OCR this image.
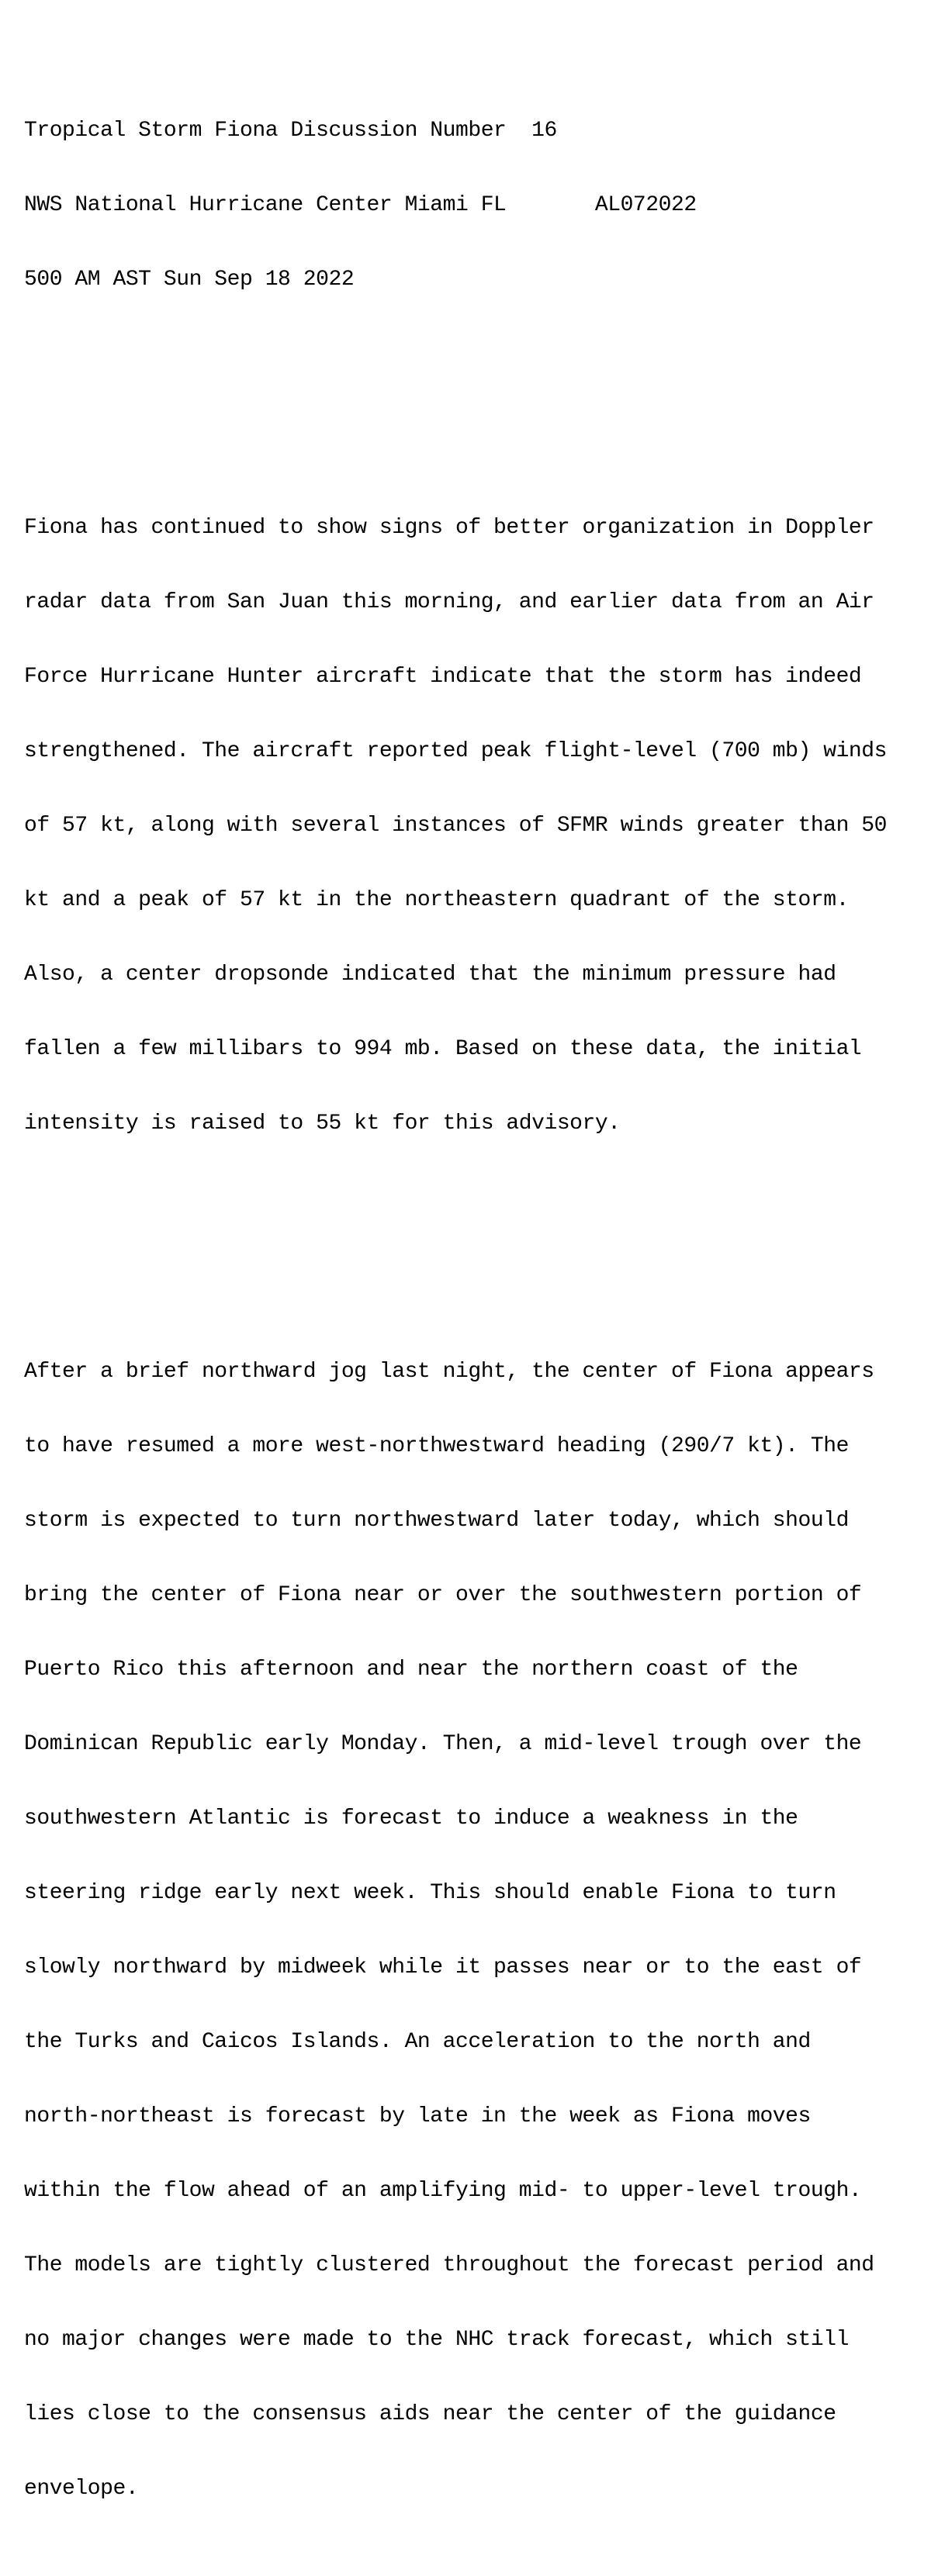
Tropical Storm Fiona Discussion Number  16

NWS National Hurricane Center Miami FL       AL072022

500 AM AST Sun Sep 18 2022

Fiona has continued to show signs of better organization in Doppler

radar data from San Juan this morning, and earlier data from an Air

Force Hurricane Hunter aircraft indicate that the storm has indeed

strengthened. The aircraft reported peak flight-level (700 mb) winds

of 57 kt, along with several instances of SFMR winds greater than 50

kt and a peak of 57 kt in the northeastern quadrant of the storm.

Also, a center dropsonde indicated that the minimum pressure had

fallen a few millibars to 994 mb. Based on these data, the initial

intensity is raised to 55 kt for this advisory.

After a brief northward jog last night, the center of Fiona appears

to have resumed a more west-northwestward heading (290/7 kt). The

storm is expected to turn northwestward later today, which should

bring the center of Fiona near or over the southwestern portion of

Puerto Rico this afternoon and near the northern coast of the

Dominican Republic early Monday. Then, a mid-level trough over the

southwestern Atlantic is forecast to induce a weakness in the

steering ridge early next week. This should enable Fiona to turn

slowly northward by midweek while it passes near or to the east of

the Turks and Caicos Islands. An acceleration to the north and

north-northeast is forecast by late in the week as Fiona moves

within the flow ahead of an amplifying mid- to upper-level trough.

The models are tightly clustered throughout the forecast period and

no major changes were made to the NHC track forecast, which still

lies close to the consensus aids near the center of the guidance

envelope.
